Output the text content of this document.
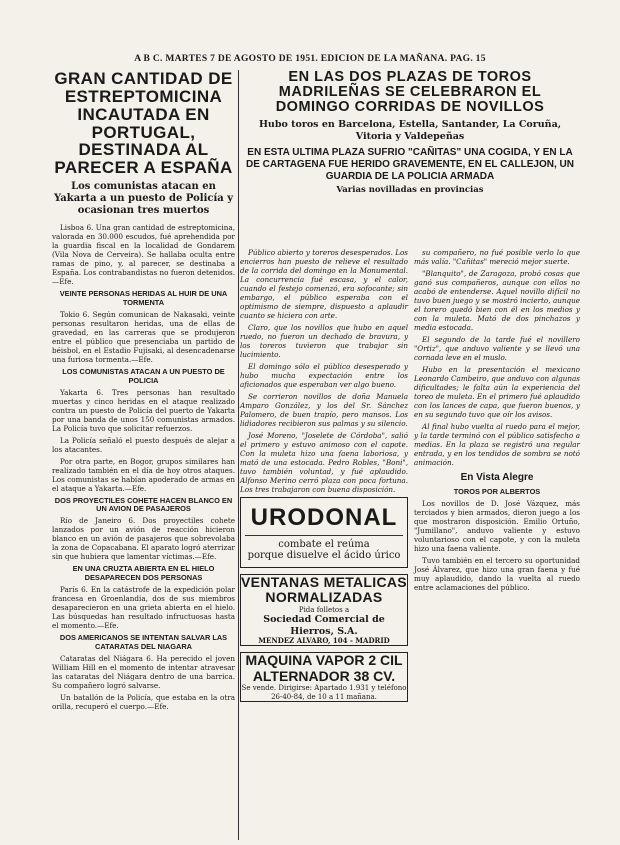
A B C. MARTES 7 DE AGOSTO DE 1951. EDICION DE LA MAÑANA. PAG. 15
GRAN CANTIDAD DE ESTREPTOMICINA INCAUTADA EN PORTUGAL, DESTINADA AL PARECER A ESPAÑA
Los comunistas atacan en Yakarta a un puesto de Policía y ocasionan tres muertos

Lisboa 6. Una gran cantidad de estreptomicina, valorada en 30.000 escudos, fué aprehendida por la guardia fiscal en la localidad de Gondarem (Vila Nova de Cerveira). Se hallaba oculta entre ramas de pino, y, al parecer, se destinaba a España. Los contrabandistas no fueron detenidos.—Efe.

VEINTE PERSONAS HERIDAS AL HUIR DE UNA TORMENTA

Tokio 6. Según comunican de Nakasaki, veinte personas resultaron heridas, una de ellas de gravedad, en las carreras que se produjeron entre el público que presenciaba un partido de béisbol, en el Estadio Fujisaki, al desencadenarse una furiosa tormenta.—Efe.

LOS COMUNISTAS ATACAN A UN PUESTO DE POLICIA

Yakarta 6. Tres personas han resultado muertas y cinco heridas en el ataque realizado contra un puesto de Policía del puerto de Yakarta por una banda de unos 150 comunistas armados. La Policía tuvo que solicitar refuerzos.

La Policía señaló el puesto después de alejar a los atacantes.

Por otra parte, en Bogor, grupos similares han realizado también en el día de hoy otros ataques. Los comunistas se habían apoderado de armas en el ataque a Yakarta.—Efe.

DOS PROYECTILES COHETE HACEN BLANCO EN UN AVION DE PASAJEROS

Río de Janeiro 6. Dos proyectiles cohete lanzados por un avión de reacción hicieron blanco en un avión de pasajeros que sobrevolaba la zona de Copacabana. El aparato logró aterrizar sin que hubiera que lamentar víctimas.—Efe.

EN UNA CRUZTA ABIERTA EN EL HIELO DESAPARECEN DOS PERSONAS

París 6. En la catástrofe de la expedición polar francesa en Groenlandia, dos de sus miembros desaparecieron en una grieta abierta en el hielo. Las búsquedas han resultado infructuosas hasta el momento.—Efe.

DOS AMERICANOS SE INTENTAN SALVAR LAS CATARATAS DEL NIAGARA

Cataratas del Niágara 6. Ha perecido el joven William Hill en el momento de intentar atravesar las cataratas del Niágara dentro de una barrica. Su compañero logró salvarse.

Un batallón de la Policía, que estaba en la otra orilla, recuperó el cuerpo.—Efe.

EN LAS DOS PLAZAS DE TOROS MADRILEÑAS SE CELEBRARON EL DOMINGO CORRIDAS DE NOVILLOS
Hubo toros en Barcelona, Estella, Santander, La Coruña, Vitoria y Valdepeñas
EN ESTA ULTIMA PLAZA SUFRIO "CAÑITAS" UNA COGIDA, Y EN LA DE CARTAGENA FUE HERIDO GRAVEMENTE, EN EL CALLEJON, UN GUARDIA DE LA POLICIA ARMADA
Varias novilladas en provincias

Público abierto y toreros desesperados. Los encierros han puesto de relieve el resultado de la corrida del domingo en la Monumental. La concurrencia fué escasa, y el calor, cuando el festejo comenzó, era sofocante; sin embargo, el público esperaba con el optimismo de siempre, dispuesto a aplaudir cuanto se hiciera con arte.

Claro, que los novillos que hubo en aquel ruedo, no fueron un dechado de bravura, y los toreros tuvieron que trabajar sin lucimiento.

El domingo sólo el público desesperado y hubo mucha expectación entre los aficionados que esperaban ver algo bueno.

Se corrieron novillos de doña Manuela Amparo González, y los del Sr. Sánchez Palomero, de buen trapío, pero mansos. Los lidiadores recibieron sus palmas y su silencio.

José Moreno, "Joselete de Córdoba", salió el primero y estuvo animoso con el capote. Con la muleta hizo una faena laboriosa, y mató de una estocada. Pedro Robles, "Boni", tuvo también voluntad, y fué aplaudido. Alfonso Merino cerró plaza con poca fortuna. Los tres trabajaron con buena disposición.

URODONAL
combate el reúma
porque disuelve el ácido úrico
VENTANAS METALICAS
NORMALIZADAS
Pida folletos a
Sociedad Comercial de Hierros, S.A.
MENDEZ ALVARO, 104 - MADRID
MAQUINA VAPOR 2 CIL
ALTERNADOR 38 CV.
Se vende. Dirigirse: Apartado 1.931 y teléfono 26-40-84, de 10 a 11 mañana.

su compañero, no fué posible verlo lo que más valía. "Cañitas" mereció mejor suerte.

"Blanquito", de Zaragoza, probó cosas que ganó sus compañeros, aunque con ellos no acabó de entenderse. Aquel novillo difícil no tuvo buen juego y se mostró incierto, aunque el torero quedó bien con él en los medios y con la muleta. Mató de dos pinchazos y media estocada.

El segundo de la tarde fué el novillero "Ortiz", que anduvo valiente y se llevó una cornada leve en el muslo.

Hubo en la presentación el mexicano Leonardo Cambeiro, que anduvo con algunas dificultades; le falta aún la experiencia del toreo de muleta. En el primero fué aplaudido con los lances de capa, que fueron buenos, y en su segundo tuvo que oír los avisos.

Al final hubo vuelta al ruedo para el mejor, y la tarde terminó con el público satisfecho a medias. En la plaza se registró una regular entrada, y en los tendidos de sombra se notó animación.

En Vista Alegre
TOROS POR ALBERTOS

Los novillos de D. José Vázquez, más terciados y bien armados, dieron juego a los que mostraron disposición. Emilio Ortuño, "Jumillano", anduvo valiente y estuvo voluntarioso con el capote, y con la muleta hizo una faena valiente.

Tuvo también en el tercero su oportunidad José Álvarez, que hizo una gran faena y fué muy aplaudido, dando la vuelta al ruedo entre aclamaciones del público.
